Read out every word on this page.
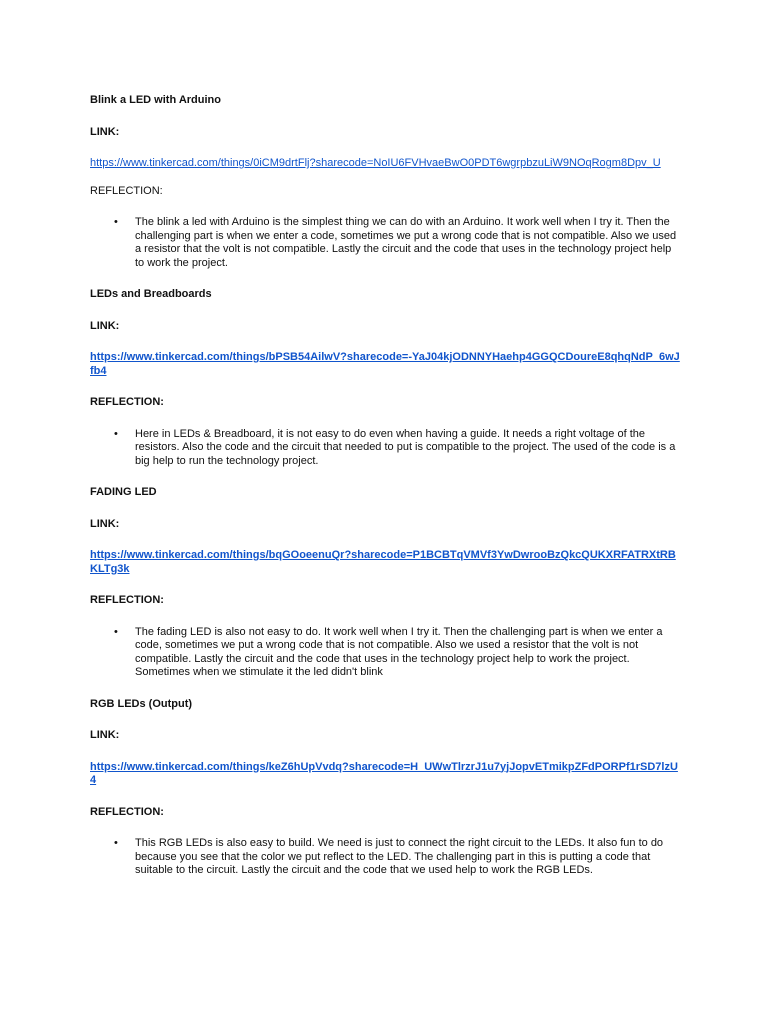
Blink a LED with Arduino
LINK:
https://www.tinkercad.com/things/0iCM9drtFlj?sharecode=NoIU6FVHvaeBwO0PDT6wgrpbzuLiW9NOqRogm8Dpv_U
REFLECTION:
• The blink a led with Arduino is the simplest thing we can do with an Arduino. It work well when I try it. Then the challenging part is when we enter a code, sometimes we put a wrong code that is not compatible. Also we used a resistor that the volt is not compatible. Lastly the circuit and the code that uses in the technology project help to work the project.
LEDs and Breadboards
LINK:
https://www.tinkercad.com/things/bPSB54AilwV?sharecode=-YaJ04kjODNNYHaehp4GGQCDoureE8qhqNdP_6wJfb4
REFLECTION:
• Here in LEDs & Breadboard, it is not easy to do even when having a guide. It needs a right voltage of the resistors. Also the code and the circuit that needed to put is compatible to the project. The used of the code is a big help to run the technology project.
FADING LED
LINK:
https://www.tinkercad.com/things/bqGOoeenuQr?sharecode=P1BCBTqVMVf3YwDwrooBzQkcQUKXRFATRXtRBKLTg3k
REFLECTION:
• The fading LED is also not easy to do. It work well when I try it. Then the challenging part is when we enter a code, sometimes we put a wrong code that is not compatible. Also we used a resistor that the volt is not compatible. Lastly the circuit and the code that uses in the technology project help to work the project. Sometimes when we stimulate it the led didn't blink
RGB LEDs (Output)
LINK:
https://www.tinkercad.com/things/keZ6hUpVvdq?sharecode=H_UWwTlrzrJ1u7yjJopvETmikpZFdPORPf1rSD7lzU4
REFLECTION:
• This RGB LEDs is also easy to build. We need is just to connect the right circuit to the LEDs. It also fun to do because you see that the color we put reflect to the LED. The challenging part in this is putting a code that suitable to the circuit. Lastly the circuit and the code that we used help to work the RGB LEDs.
